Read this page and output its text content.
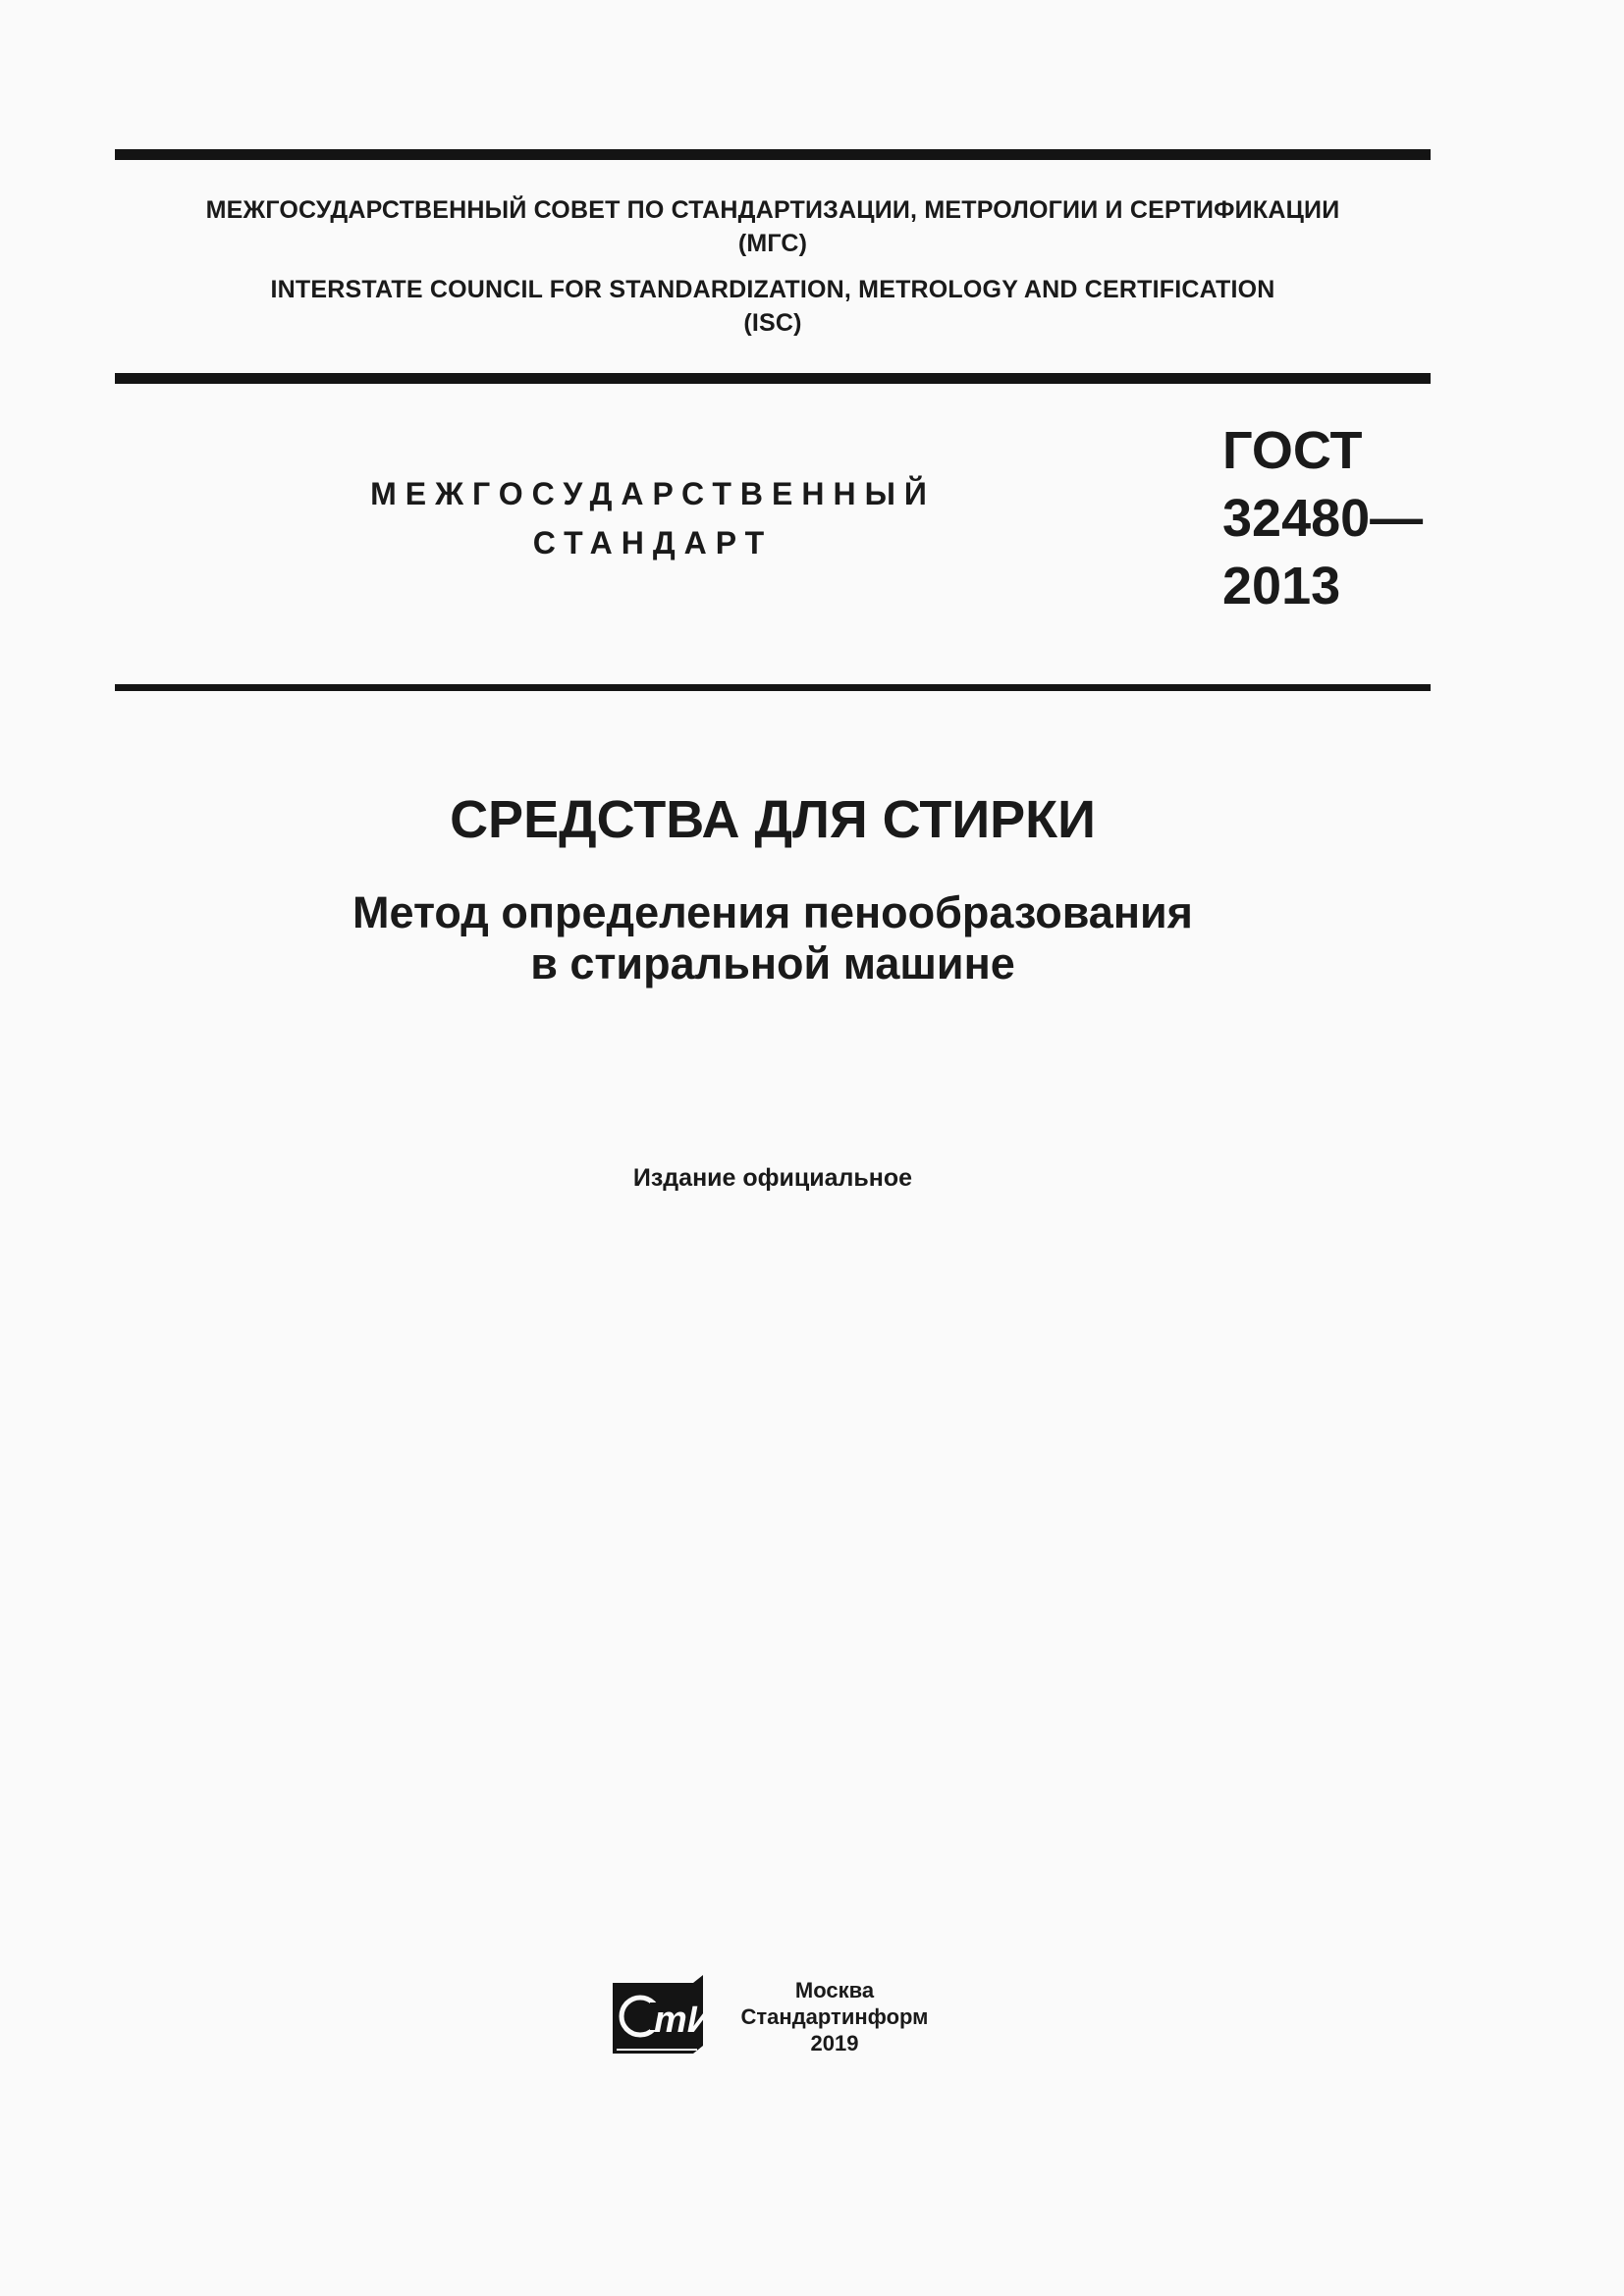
МЕЖГОСУДАРСТВЕННЫЙ СОВЕТ ПО СТАНДАРТИЗАЦИИ, МЕТРОЛОГИИ И СЕРТИФИКАЦИИ
(МГС)
INTERSTATE COUNCIL FOR STANDARDIZATION, METROLOGY AND CERTIFICATION
(ISC)
МЕЖГОСУДАРСТВЕННЫЙ
СТАНДАРТ
ГОСТ
32480—
2013
СРЕДСТВА ДЛЯ СТИРКИ
Метод определения пенообразования
в стиральной машине
Издание официальное
тИ
Москва
Стандартинформ
2019
